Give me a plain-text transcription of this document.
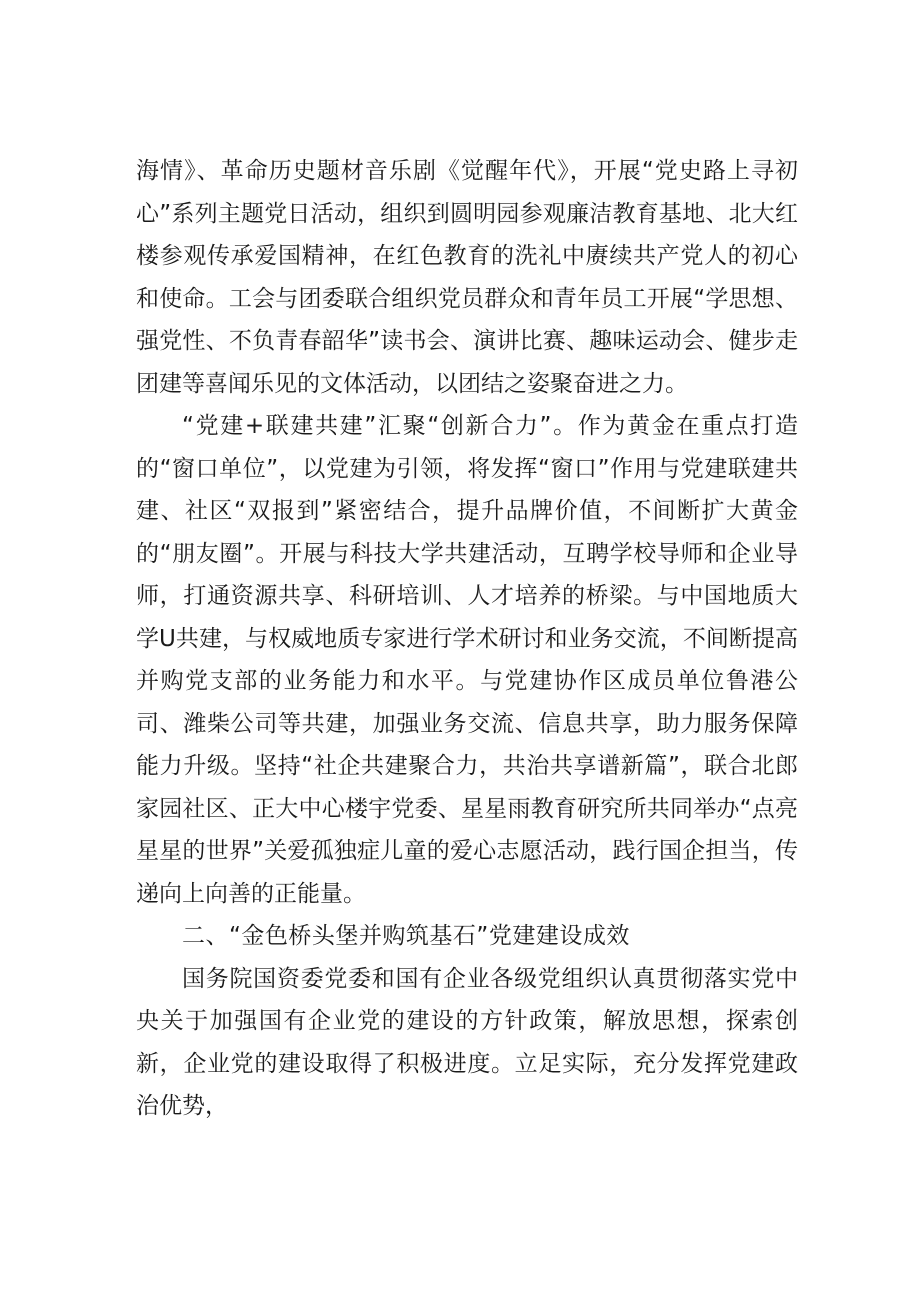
海情》、革命历史题材音乐剧《觉醒年代》，开展“党史路上寻初心”系列主题党日活动，组织到圆明园参观廉洁教育基地、北大红楼参观传承爱国精神，在红色教育的洗礼中赓续共产党人的初心和使命。工会与团委联合组织党员群众和青年员工开展“学思想、强党性、不负青春韶华”读书会、演讲比赛、趣味运动会、健步走团建等喜闻乐见的文体活动，以团结之姿聚奋进之力。

“党建+联建共建”汇聚“创新合力”。作为黄金在重点打造的“窗口单位”，以党建为引领，将发挥“窗口”作用与党建联建共建、社区“双报到”紧密结合，提升品牌价值，不间断扩大黄金的“朋友圈”。开展与科技大学共建活动，互聘学校导师和企业导师，打通资源共享、科研培训、人才培养的桥梁。与中国地质大学U共建，与权威地质专家进行学术研讨和业务交流，不间断提高并购党支部的业务能力和水平。与党建协作区成员单位鲁港公司、潍柴公司等共建，加强业务交流、信息共享，助力服务保障能力升级。坚持“社企共建聚合力，共治共享谱新篇”，联合北郎家园社区、正大中心楼宇党委、星星雨教育研究所共同举办“点亮星星的世界”关爱孤独症儿童的爱心志愿活动，践行国企担当，传递向上向善的正能量。

二、“金色桥头堡并购筑基石”党建建设成效

国务院国资委党委和国有企业各级党组织认真贯彻落实党中央关于加强国有企业党的建设的方针政策，解放思想，探索创新，企业党的建设取得了积极进度。立足实际，充分发挥党建政治优势，
